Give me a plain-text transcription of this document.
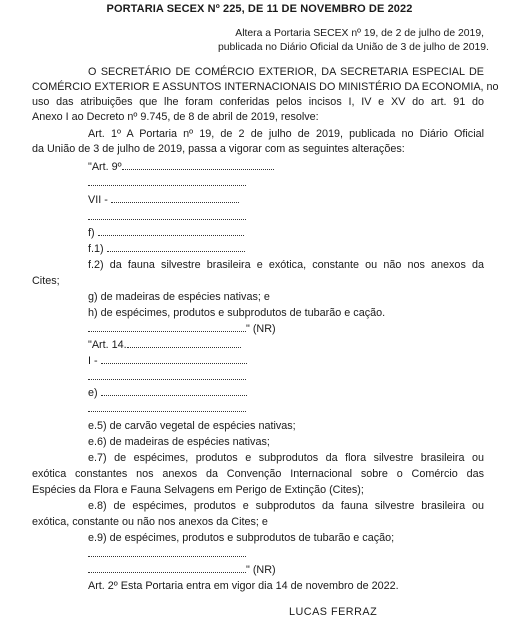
PORTARIA SECEX Nº 225, DE 11 DE NOVEMBRO DE 2022
Altera a Portaria SECEX nº 19, de 2 de julho de 2019,
publicada no Diário Oficial da União de 3 de julho de 2019.
O SECRETÁRIO DE COMÉRCIO EXTERIOR, DA SECRETARIA ESPECIAL DE
COMÉRCIO EXTERIOR E ASSUNTOS INTERNACIONAIS DO MINISTÉRIO DA ECONOMIA, no
uso das atribuições que lhe foram conferidas pelos incisos I, IV e XV do art. 91 do
Anexo I ao Decreto nº 9.745, de 8 de abril de 2019, resolve:
Art. 1º A Portaria nº 19, de 2 de julho de 2019, publicada no Diário Oficial
da União de 3 de julho de 2019, passa a vigorar com as seguintes alterações:
"Art. 9º
VII -
f)
f.1)
f.2) da fauna silvestre brasileira e exótica, constante ou não nos anexos da
Cites;
g) de madeiras de espécies nativas; e
h) de espécimes, produtos e subprodutos de tubarão e cação.
" (NR)
"Art. 14.
I -
e)
e.5) de carvão vegetal de espécies nativas;
e.6) de madeiras de espécies nativas;
e.7) de espécimes, produtos e subprodutos da flora silvestre brasileira ou
exótica constantes nos anexos da Convenção Internacional sobre o Comércio das
Espécies da Flora e Fauna Selvagens em Perigo de Extinção (Cites);
e.8) de espécimes, produtos e subprodutos da fauna silvestre brasileira ou
exótica, constante ou não nos anexos da Cites; e
e.9) de espécimes, produtos e subprodutos de tubarão e cação;
" (NR)
Art. 2º Esta Portaria entra em vigor dia 14 de novembro de 2022.
LUCAS FERRAZ
